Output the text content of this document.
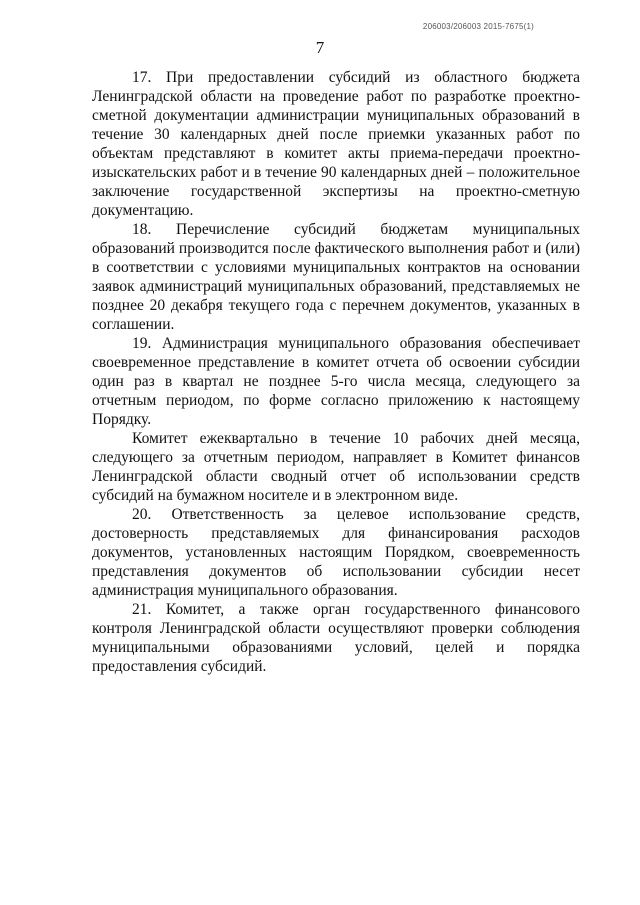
206003/206003 2015-7675(1)
7

17. При предоставлении субсидий из областного бюджета Ленинградской области на проведение работ по разработке проектно-сметной документации администрации муниципальных образований в течение 30 календарных дней после приемки указанных работ по объектам представляют в комитет акты приема-передачи проектно-изыскательских работ и в течение 90 календарных дней – положительное заключение государственной экспертизы на проектно-сметную документацию.

18. Перечисление субсидий бюджетам муниципальных образований производится после фактического выполнения работ и (или) в соответствии с условиями муниципальных контрактов на основании заявок администраций муниципальных образований, представляемых не позднее 20 декабря текущего года с перечнем документов, указанных в соглашении.

19. Администрация муниципального образования обеспечивает своевременное представление в комитет отчета об освоении субсидии один раз в квартал не позднее 5-го числа месяца, следующего за отчетным периодом, по форме согласно приложению к настоящему Порядку.

Комитет ежеквартально в течение 10 рабочих дней месяца, следующего за отчетным периодом, направляет в Комитет финансов Ленинградской области сводный отчет об использовании средств субсидий на бумажном носителе и в электронном виде.

20. Ответственность за целевое использование средств, достоверность представляемых для финансирования расходов документов, установленных настоящим Порядком, своевременность представления документов об использовании субсидии несет администрация муниципального образования.

21. Комитет, а также орган государственного финансового контроля Ленинградской области осуществляют проверки соблюдения муниципальными образованиями условий, целей и порядка предоставления субсидий.
